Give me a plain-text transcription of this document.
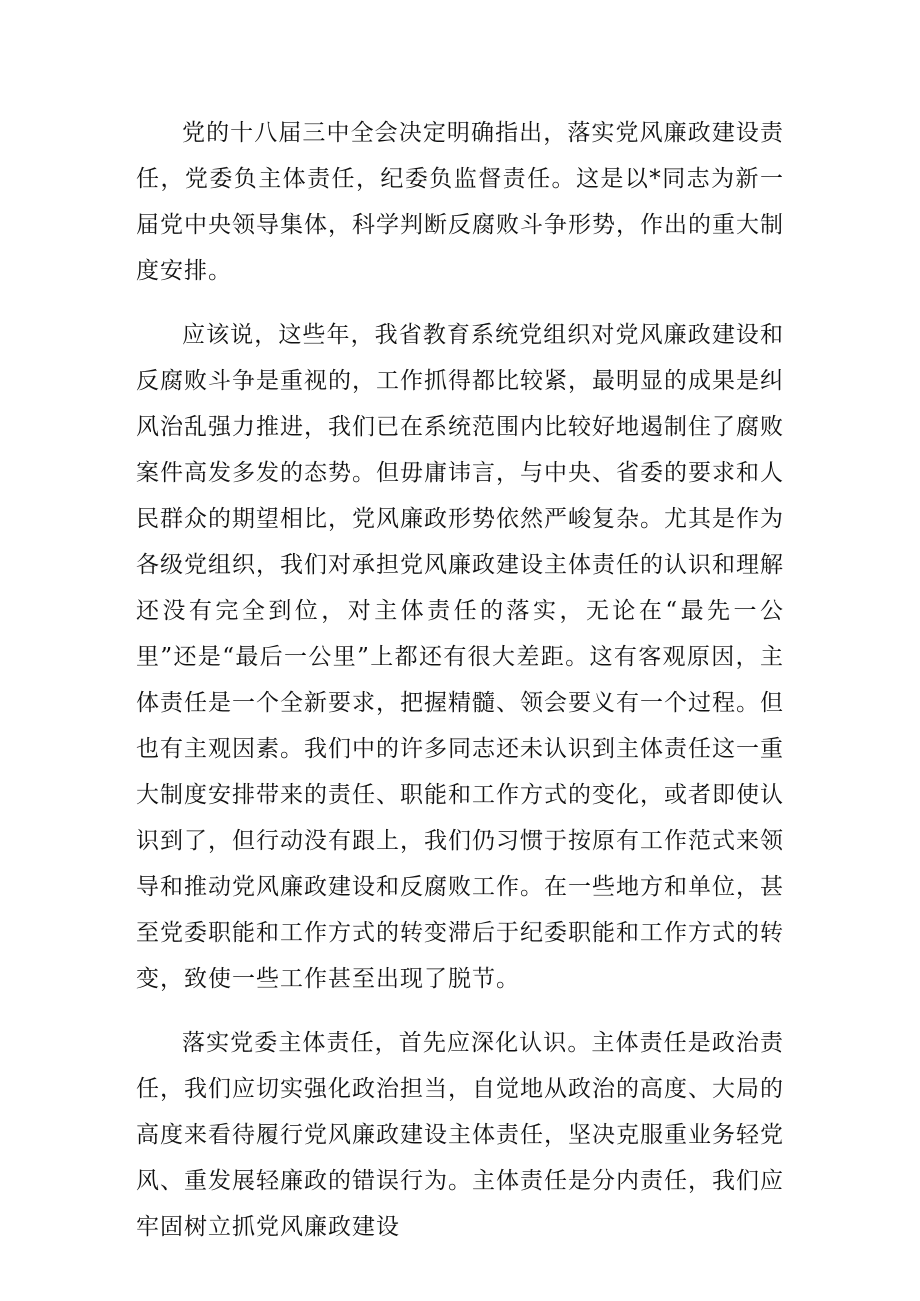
党的十八届三中全会决定明确指出，落实党风廉政建设责任，党委负主体责任，纪委负监督责任。这是以*同志为新一届党中央领导集体，科学判断反腐败斗争形势，作出的重大制度安排。

应该说，这些年，我省教育系统党组织对党风廉政建设和反腐败斗争是重视的，工作抓得都比较紧，最明显的成果是纠风治乱强力推进，我们已在系统范围内比较好地遏制住了腐败案件高发多发的态势。但毋庸讳言，与中央、省委的要求和人民群众的期望相比，党风廉政形势依然严峻复杂。尤其是作为各级党组织，我们对承担党风廉政建设主体责任的认识和理解还没有完全到位，对主体责任的落实，无论在“最先一公里”还是“最后一公里”上都还有很大差距。这有客观原因，主体责任是一个全新要求，把握精髓、领会要义有一个过程。但也有主观因素。我们中的许多同志还未认识到主体责任这一重大制度安排带来的责任、职能和工作方式的变化，或者即使认识到了，但行动没有跟上，我们仍习惯于按原有工作范式来领导和推动党风廉政建设和反腐败工作。在一些地方和单位，甚至党委职能和工作方式的转变滞后于纪委职能和工作方式的转变，致使一些工作甚至出现了脱节。

落实党委主体责任，首先应深化认识。主体责任是政治责任，我们应切实强化政治担当，自觉地从政治的高度、大局的高度来看待履行党风廉政建设主体责任，坚决克服重业务轻党风、重发展轻廉政的错误行为。主体责任是分内责任，我们应牢固树立抓党风廉政建设
